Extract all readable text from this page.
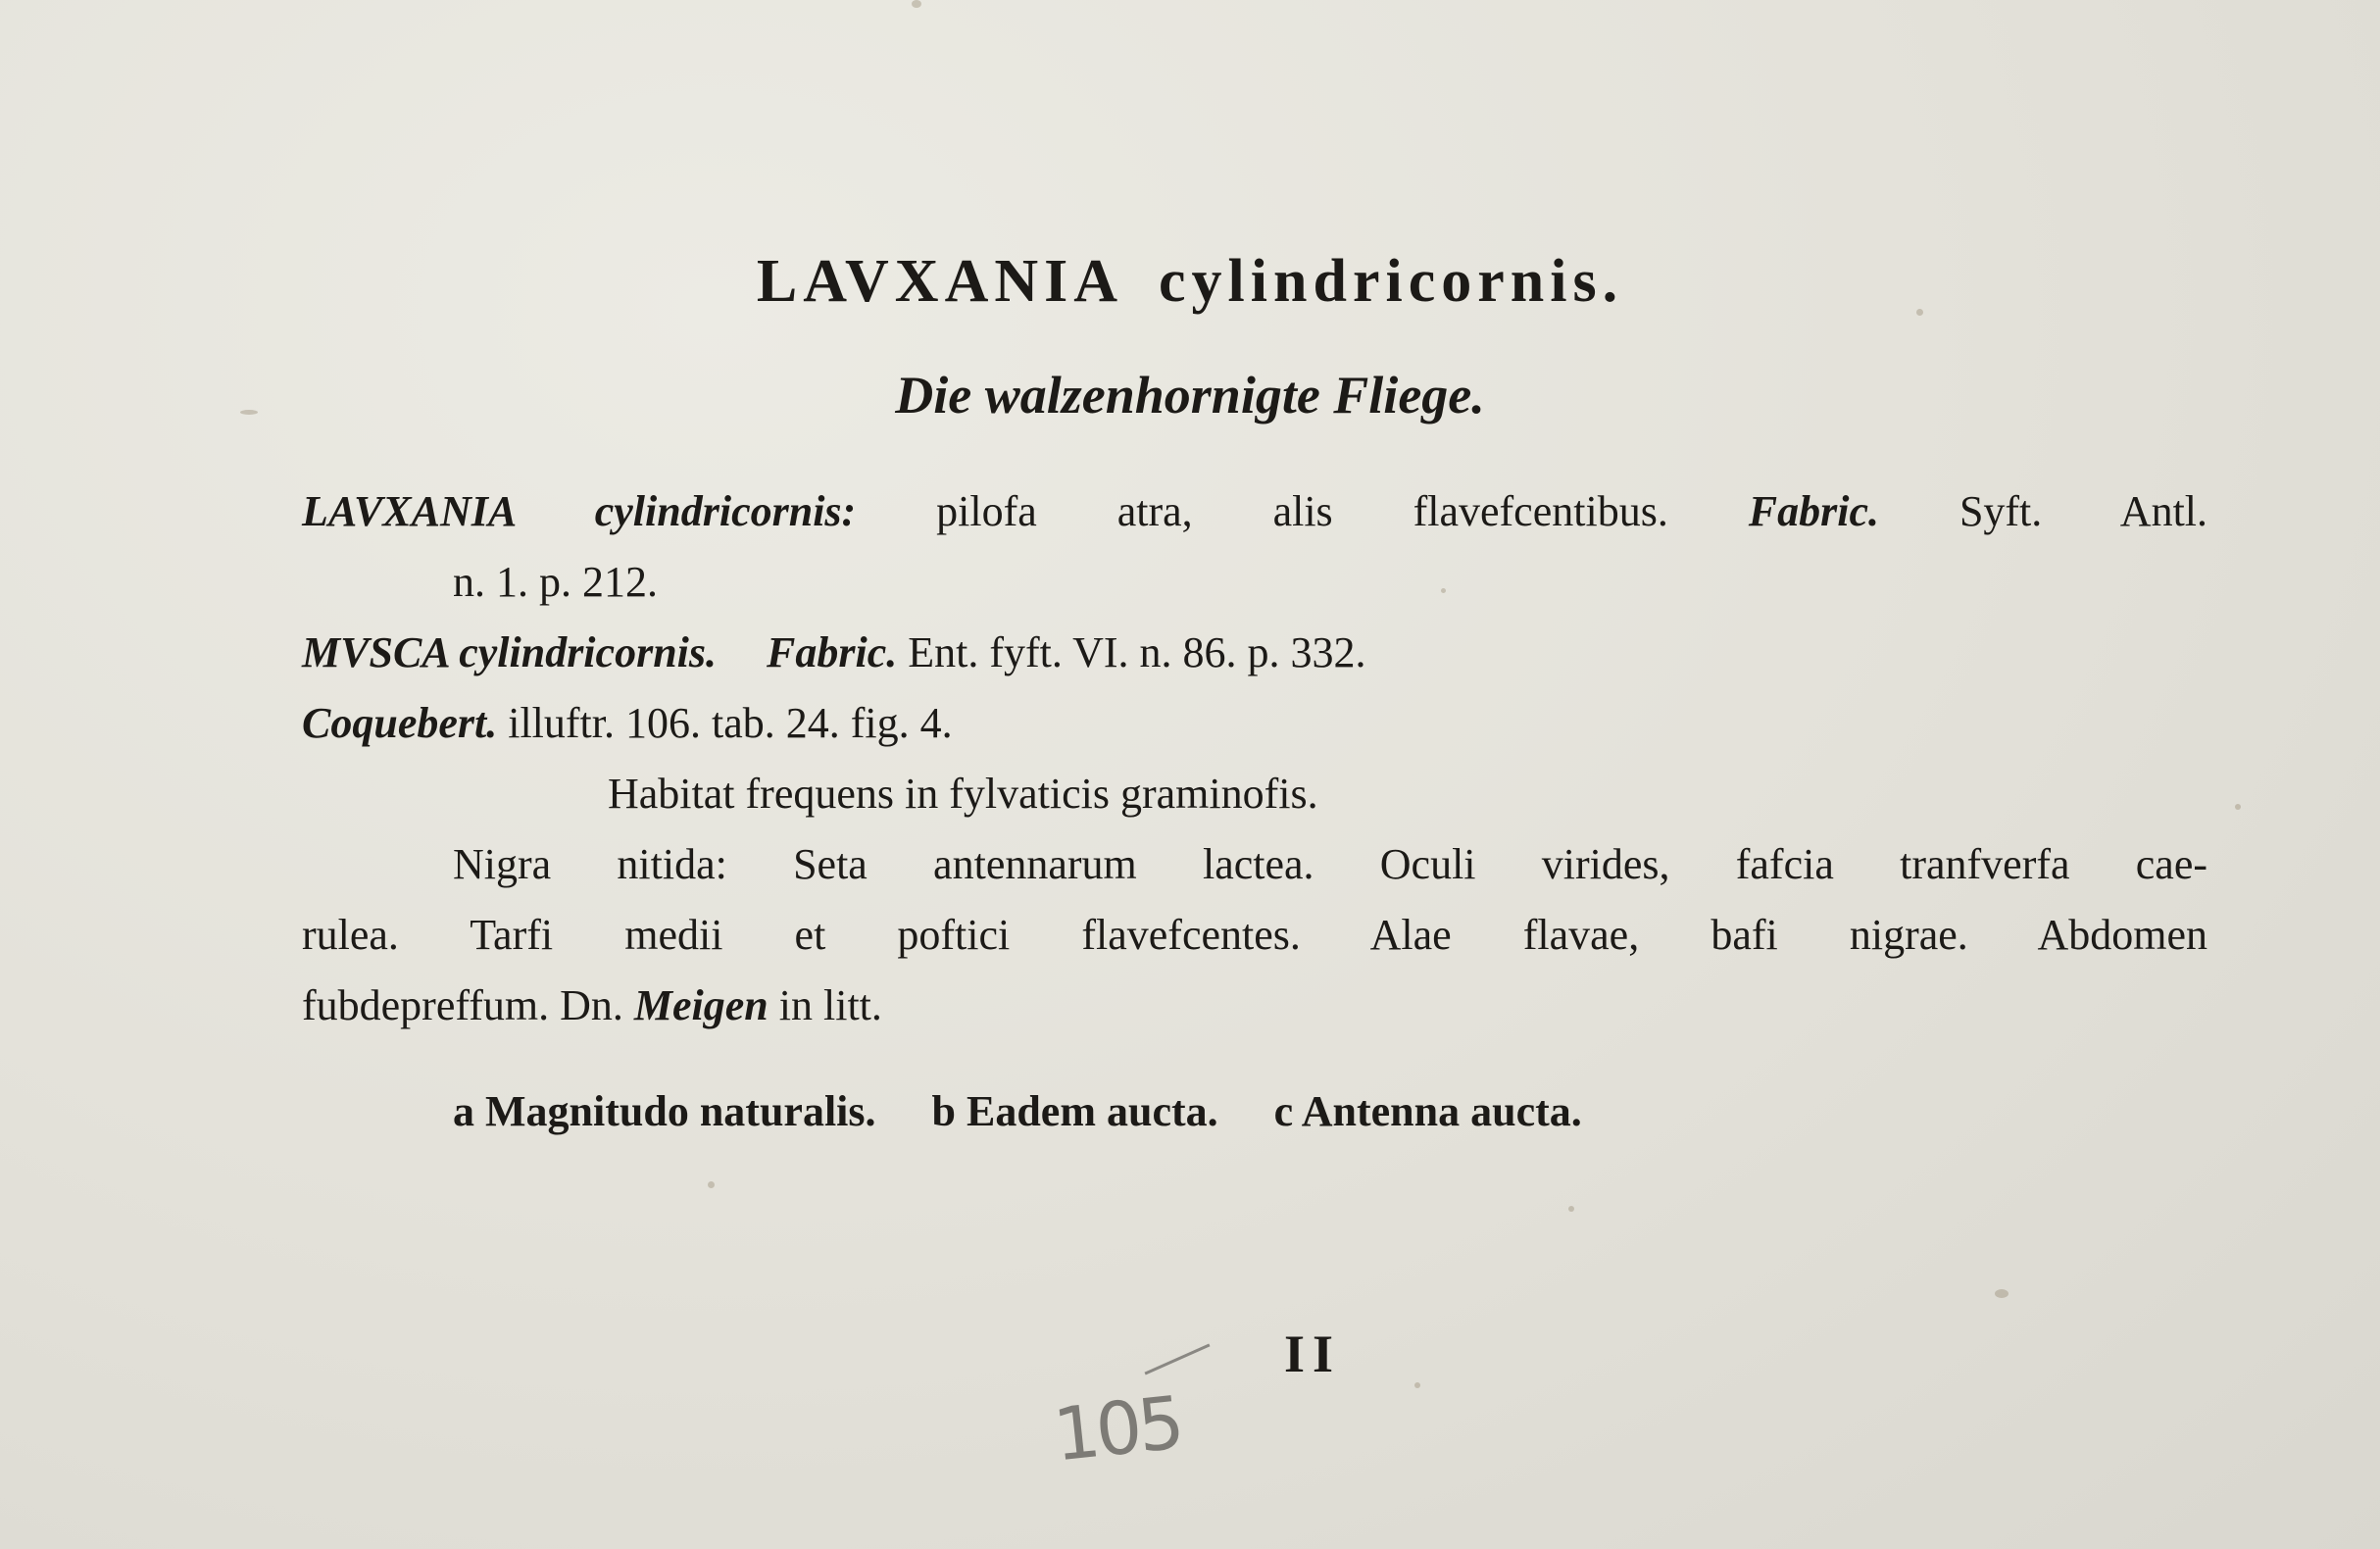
LAVXANIA cylindricornis.
Die walzenhornigte Fliege.

LAVXANIA cylindricornis: pilofa atra, alis flavefcentibus. Fabric. Syft. Antl.

n. 1. p. 212.

MVSCA cylindricornis. Fabric. Ent. fyft. VI. n. 86. p. 332.

Coquebert. illuftr. 106. tab. 24. fig. 4.

Habitat frequens in fylvaticis graminofis.

Nigra nitida: Seta antennarum lactea. Oculi virides, fafcia tranfverfa cae-

rulea. Tarfi medii et poftici flavefcentes. Alae flavae, bafi nigrae. Abdomen

fubdepreffum. Dn. Meigen in litt.

a Magnitudo naturalis. b Eadem aucta. c Antenna aucta.

II
105
